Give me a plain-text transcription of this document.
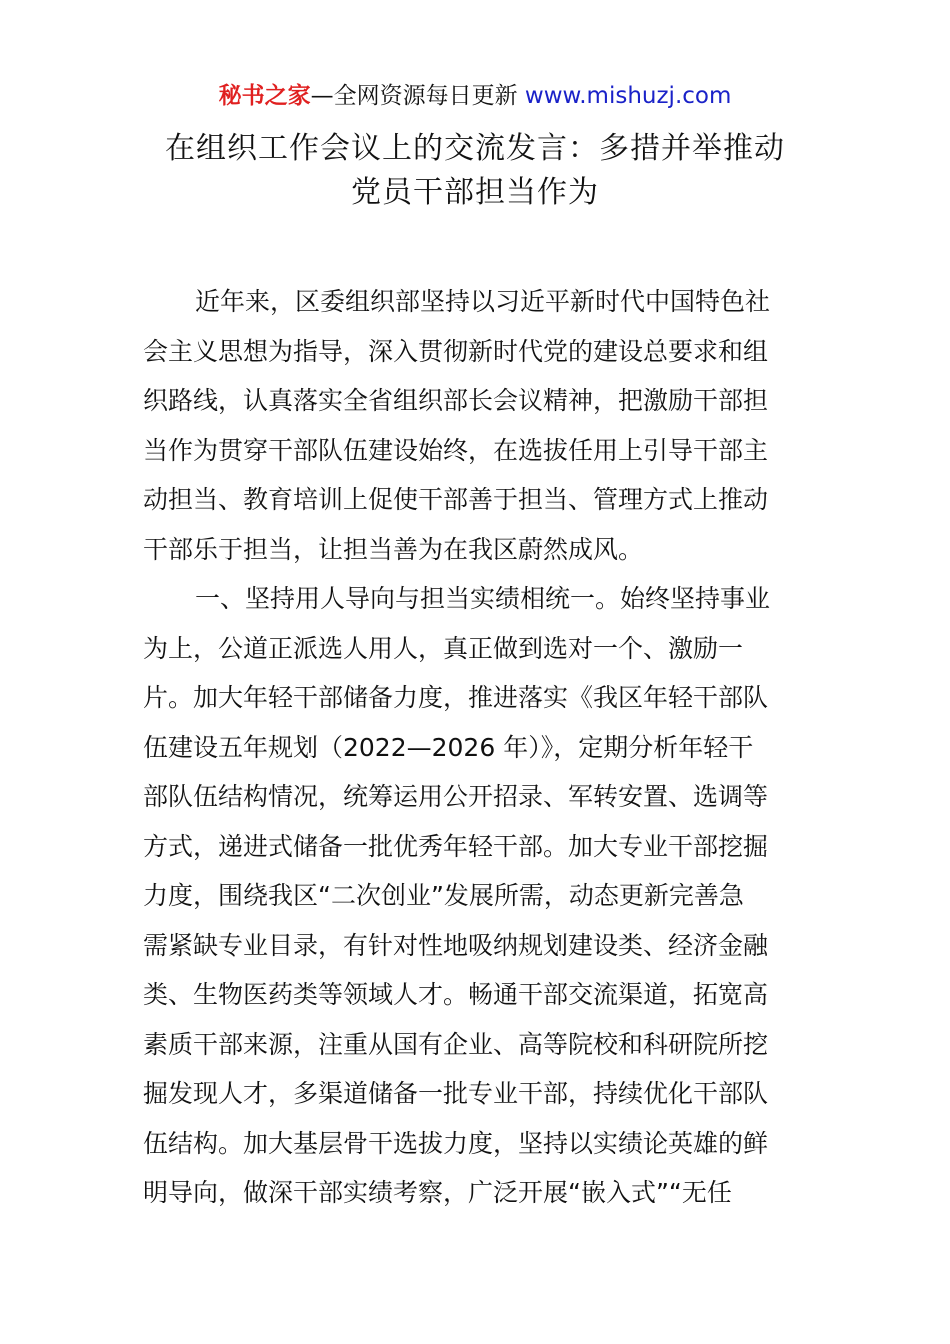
秘书之家—全网资源每日更新 www.mishuzj.com
在组织工作会议上的交流发言：多措并举推动
党员干部担当作为
近年来，区委组织部坚持以习近平新时代中国特色社
会主义思想为指导，深入贯彻新时代党的建设总要求和组
织路线，认真落实全省组织部长会议精神，把激励干部担
当作为贯穿干部队伍建设始终，在选拔任用上引导干部主
动担当、教育培训上促使干部善于担当、管理方式上推动
干部乐于担当，让担当善为在我区蔚然成风。
一、坚持用人导向与担当实绩相统一。始终坚持事业
为上，公道正派选人用人，真正做到选对一个、激励一
片。加大年轻干部储备力度，推进落实《我区年轻干部队
伍建设五年规划（2022—2026 年）》，定期分析年轻干
部队伍结构情况，统筹运用公开招录、军转安置、选调等
方式，递进式储备一批优秀年轻干部。加大专业干部挖掘
力度，围绕我区“二次创业”发展所需，动态更新完善急
需紧缺专业目录，有针对性地吸纳规划建设类、经济金融
类、生物医药类等领域人才。畅通干部交流渠道，拓宽高
素质干部来源，注重从国有企业、高等院校和科研院所挖
掘发现人才，多渠道储备一批专业干部，持续优化干部队
伍结构。加大基层骨干选拔力度，坚持以实绩论英雄的鲜
明导向，做深干部实绩考察，广泛开展“嵌入式”“无任
